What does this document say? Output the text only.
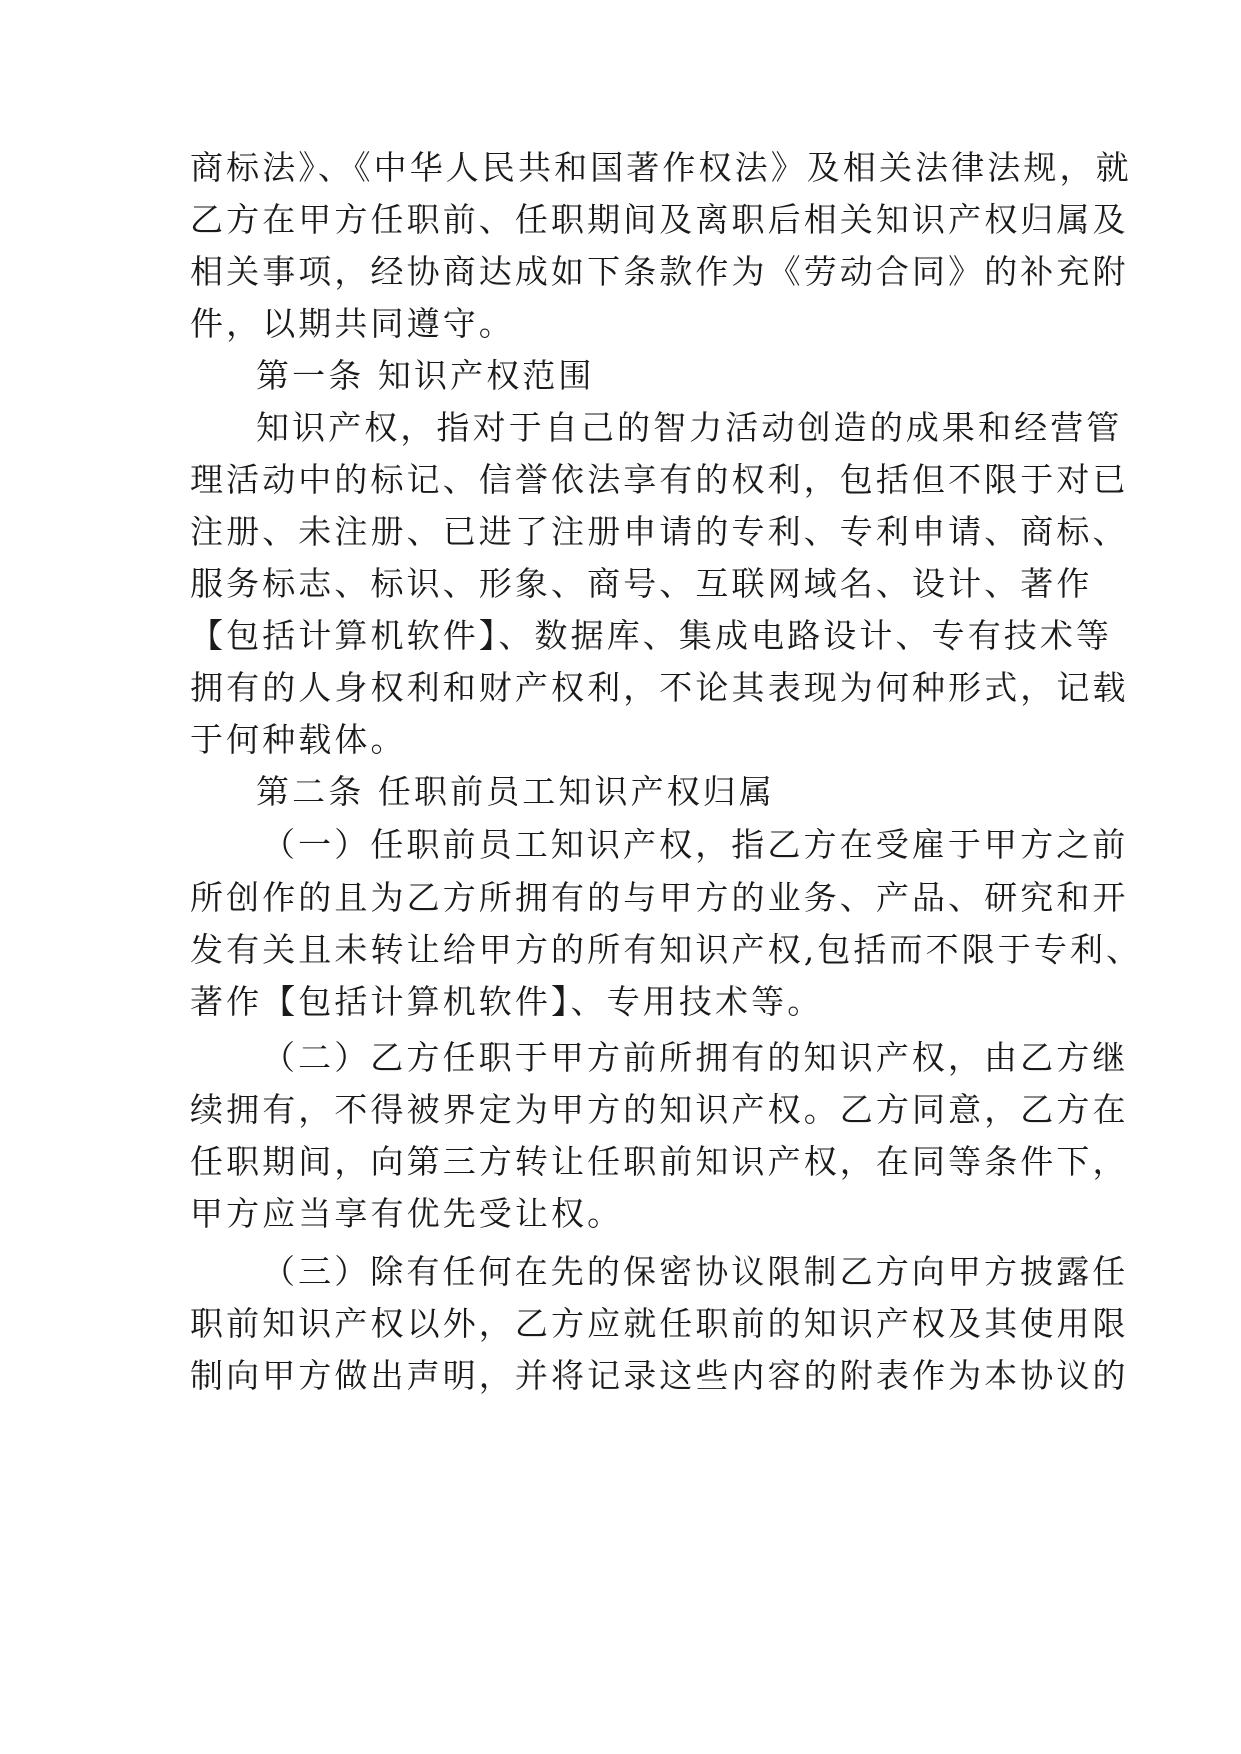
商标法》、《中华人民共和国著作权法》及相关法律法规，就
乙方在甲方任职前、任职期间及离职后相关知识产权归属及
相关事项，经协商达成如下条款作为《劳动合同》的补充附
件，以期共同遵守。
第一条 知识产权范围
知识产权，指对于自己的智力活动创造的成果和经营管
理活动中的标记、信誉依法享有的权利，包括但不限于对已
注册、未注册、已进了注册申请的专利、专利申请、商标、
服务标志、标识、形象、商号、互联网域名、设计、著作
【包括计算机软件】、数据库、集成电路设计、专有技术等
拥有的人身权利和财产权利，不论其表现为何种形式，记载
于何种载体。
第二条 任职前员工知识产权归属
（一）任职前员工知识产权，指乙方在受雇于甲方之前
所创作的且为乙方所拥有的与甲方的业务、产品、研究和开
发有关且未转让给甲方的所有知识产权,包括而不限于专利、
著作【包括计算机软件】、专用技术等。
（二）乙方任职于甲方前所拥有的知识产权，由乙方继
续拥有，不得被界定为甲方的知识产权。乙方同意，乙方在
任职期间，向第三方转让任职前知识产权，在同等条件下，
甲方应当享有优先受让权。
（三）除有任何在先的保密协议限制乙方向甲方披露任
职前知识产权以外，乙方应就任职前的知识产权及其使用限
制向甲方做出声明，并将记录这些内容的附表作为本协议的
